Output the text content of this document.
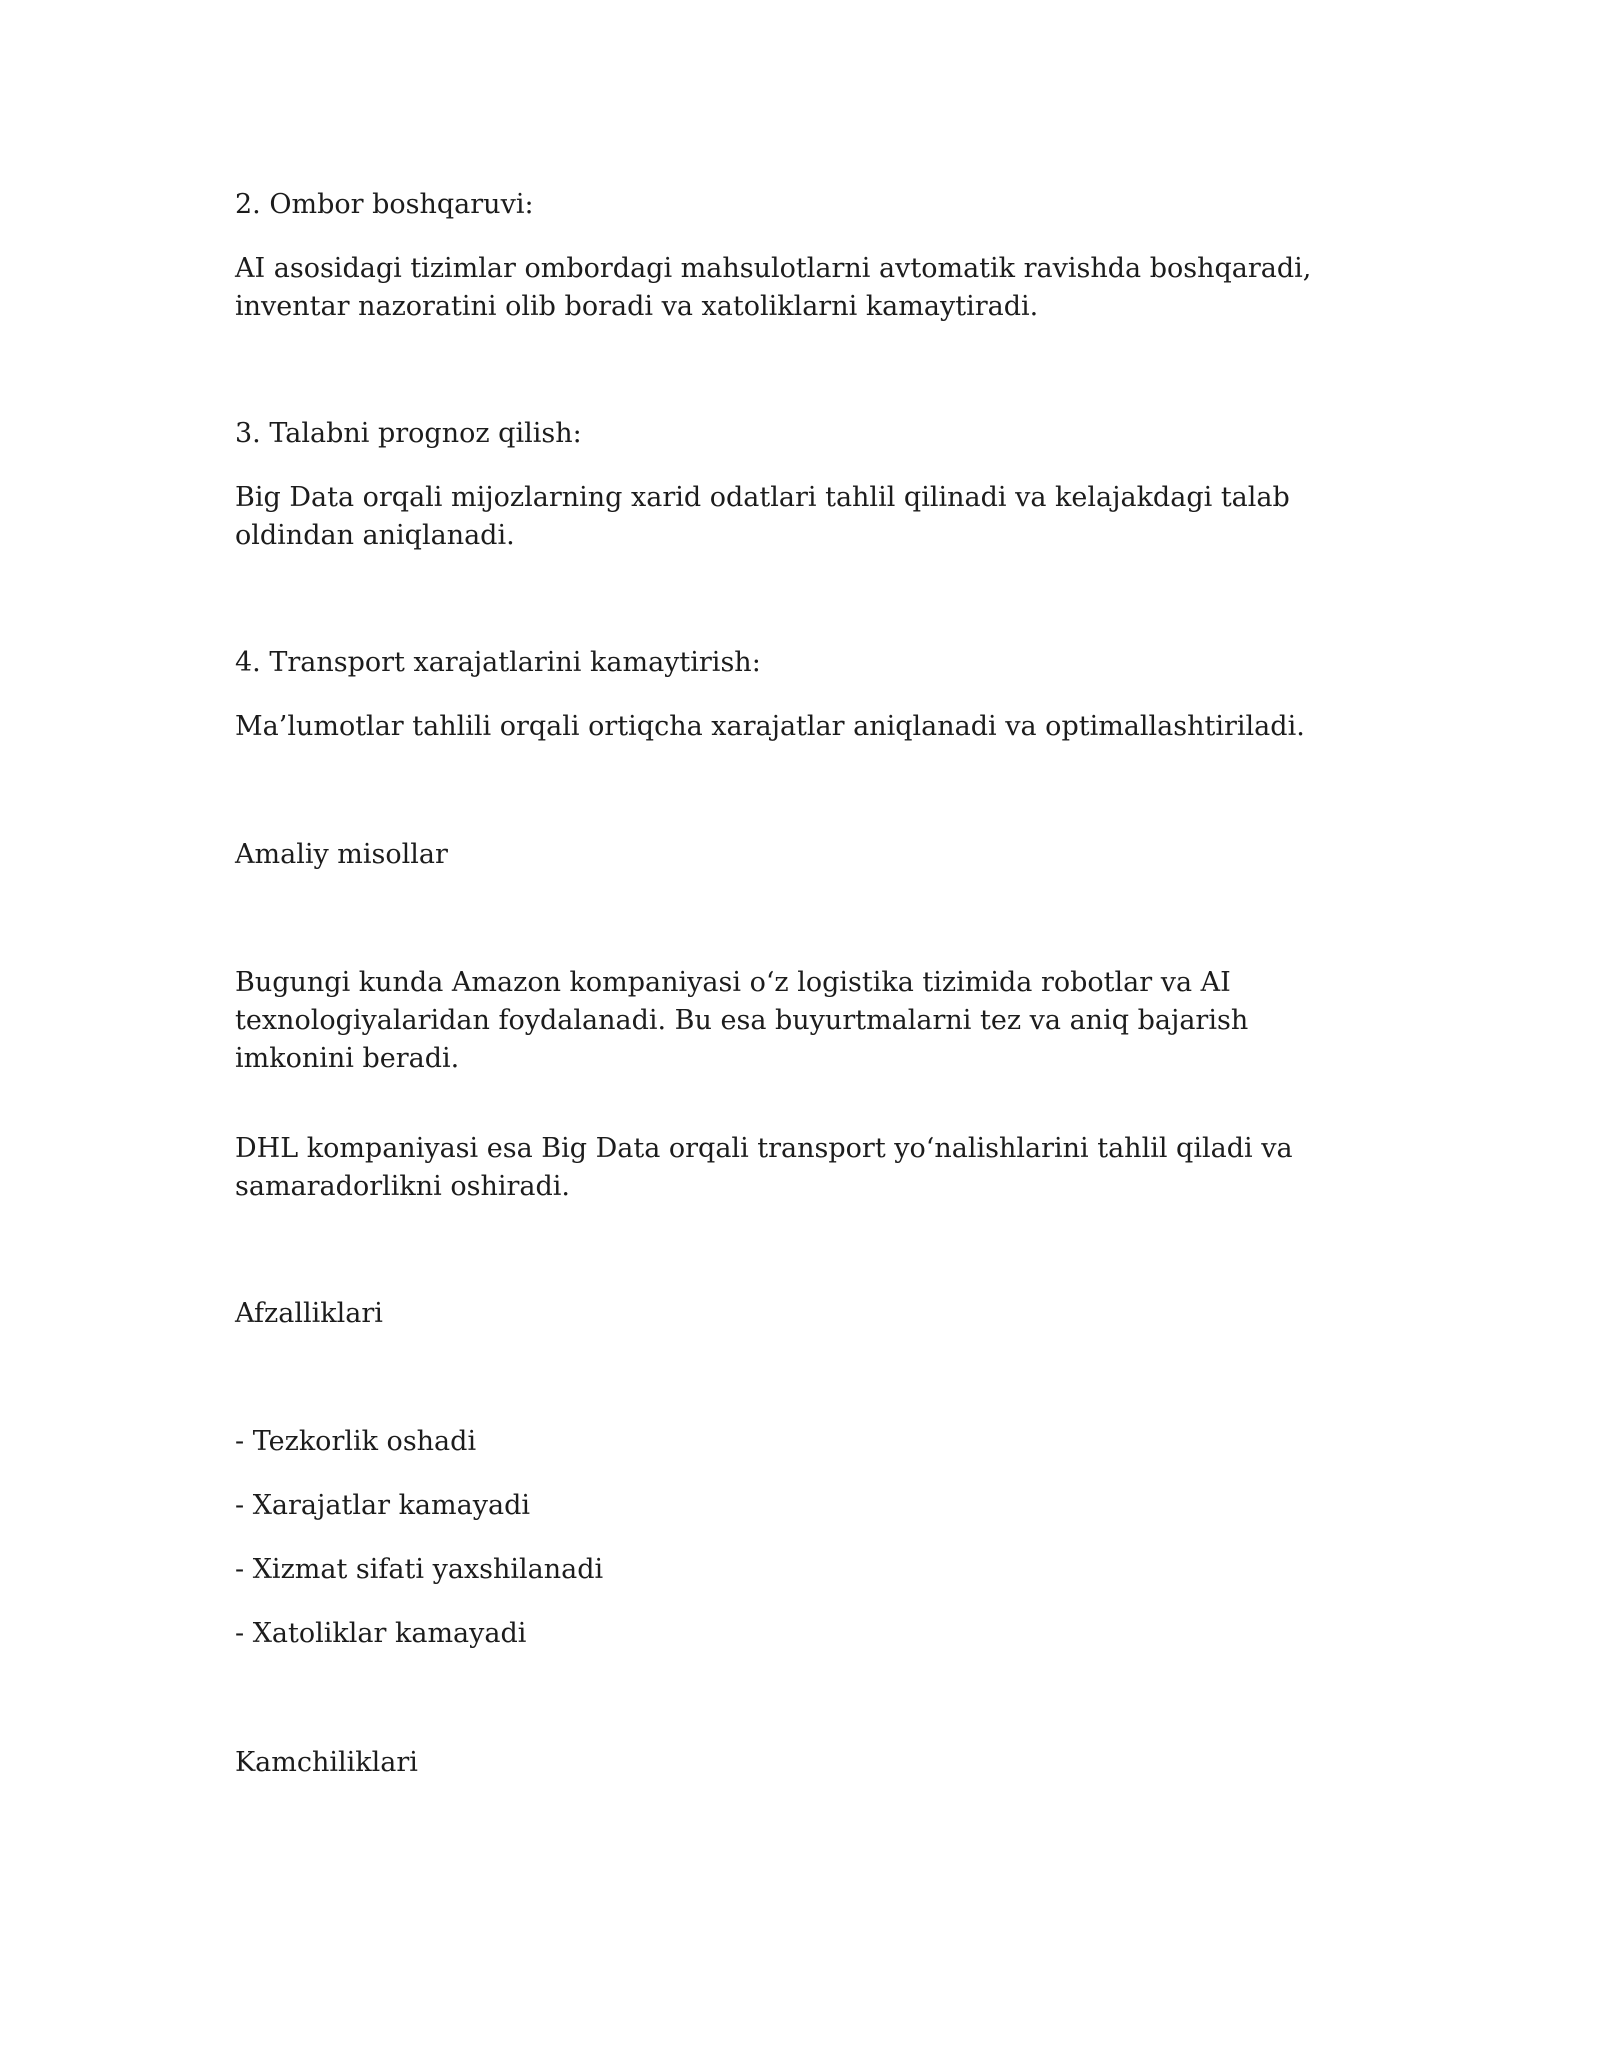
2. Ombor boshqaruvi:

AI asosidagi tizimlar ombordagi mahsulotlarni avtomatik ravishda boshqaradi, inventar nazoratini olib boradi va xatoliklarni kamaytiradi.

3. Talabni prognoz qilish:

Big Data orqali mijozlarning xarid odatlari tahlil qilinadi va kelajakdagi talab oldindan aniqlanadi.

4. Transport xarajatlarini kamaytirish:

Ma’lumotlar tahlili orqali ortiqcha xarajatlar aniqlanadi va optimallashtiriladi.

Amaliy misollar

Bugungi kunda Amazon kompaniyasi oʻz logistika tizimida robotlar va AI texnologiyalaridan foydalanadi. Bu esa buyurtmalarni tez va aniq bajarish imkonini beradi.

DHL kompaniyasi esa Big Data orqali transport yoʻnalishlarini tahlil qiladi va samaradorlikni oshiradi.

Afzalliklari

- Tezkorlik oshadi

- Xarajatlar kamayadi

- Xizmat sifati yaxshilanadi

- Xatoliklar kamayadi

Kamchiliklari
